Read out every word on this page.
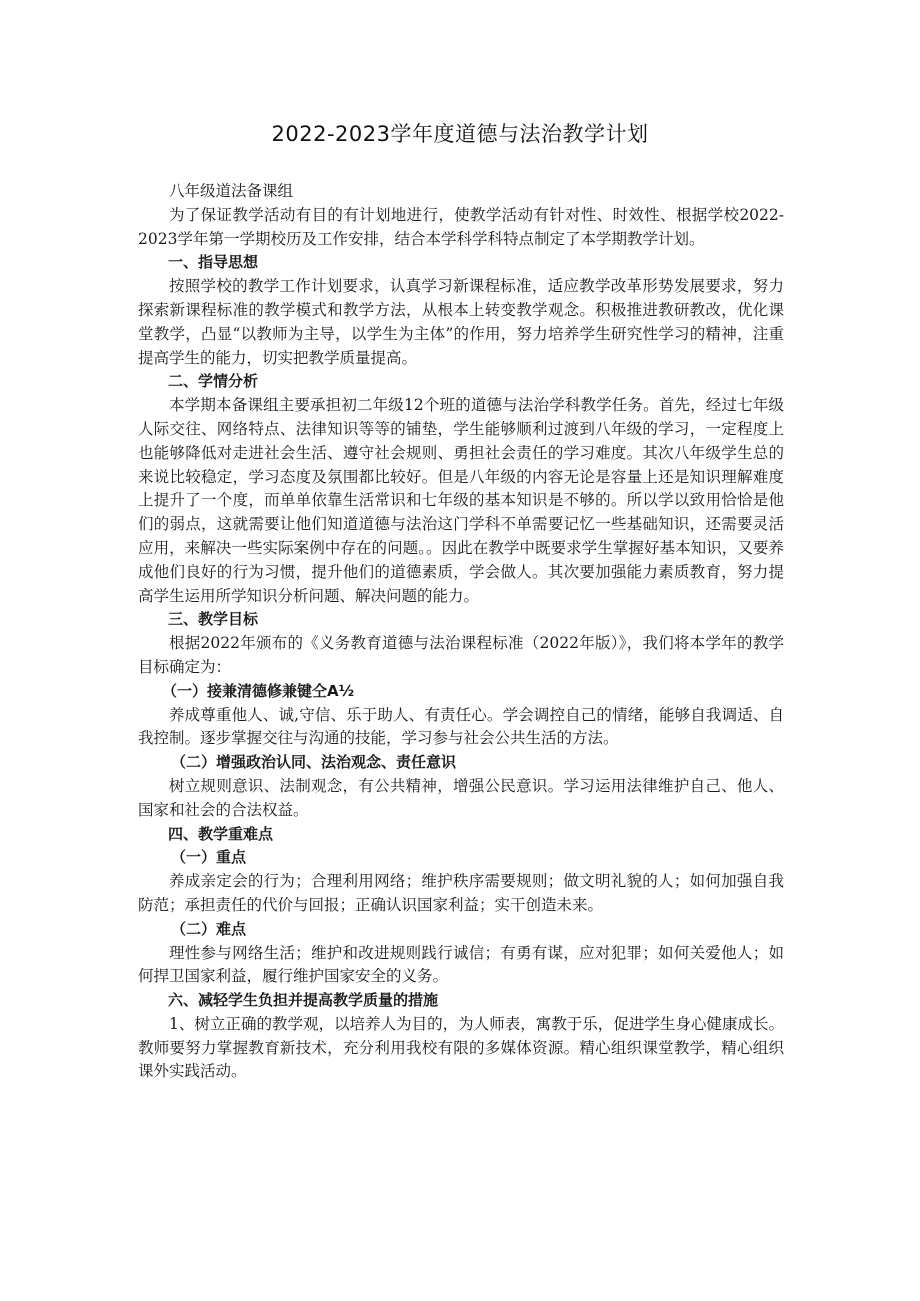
2022-2023学年度道德与法治教学计划

八年级道法备课组

为了保证教学活动有目的有计划地进行，使教学活动有针对性、时效性、根据学校2022-2023学年第一学期校历及工作安排，结合本学科学科特点制定了本学期教学计划。

一、指导思想

按照学校的教学工作计划要求，认真学习新课程标准，适应教学改革形势发展要求，努力探索新课程标准的教学模式和教学方法，从根本上转变教学观念。积极推进教研教改，优化课堂教学，凸显“以教师为主导，以学生为主体”的作用，努力培养学生研究性学习的精神，注重提高学生的能力，切实把教学质量提高。

二、学情分析

本学期本备课组主要承担初二年级12个班的道德与法治学科教学任务。首先，经过七年级人际交往、网络特点、法律知识等等的铺垫，学生能够顺利过渡到八年级的学习，一定程度上也能够降低对走进社会生活、遵守社会规则、勇担社会责任的学习难度。其次八年级学生总的来说比较稳定，学习态度及氛围都比较好。但是八年级的内容无论是容量上还是知识理解难度上提升了一个度，而单单依靠生活常识和七年级的基本知识是不够的。所以学以致用恰恰是他们的弱点，这就需要让他们知道道德与法治这门学科不单需要记忆一些基础知识，还需要灵活应用，来解决一些实际案例中存在的问题。。因此在教学中既要求学生掌握好基本知识，又要养成他们良好的行为习惯，提升他们的道德素质，学会做人。其次要加强能力素质教育，努力提高学生运用所学知识分析问题、解决问题的能力。

三、教学目标

根据2022年颁布的《义务教育道德与法治课程标准（2022年版）》，我们将本学年的教学目标确定为：

（一）接兼清德修兼键仝A½

养成尊重他人、诚,守信、乐于助人、有责任心。学会调控自己的情绪，能够自我调适、自我控制。逐步掌握交往与沟通的技能，学习参与社会公共生活的方法。

（二）增强政治认同、法治观念、责任意识

树立规则意识、法制观念，有公共精神，增强公民意识。学习运用法律维护自己、他人、国家和社会的合法权益。

四、教学重难点

（一）重点

养成亲定会的行为；合理利用网络；维护秩序需要规则；做文明礼貌的人；如何加强自我防范；承担责任的代价与回报；正确认识国家利益；实干创造未来。

（二）难点

理性参与网络生活；维护和改进规则践行诚信；有勇有谋，应对犯罪；如何关爱他人；如何捍卫国家利益，履行维护国家安全的义务。

六、减轻学生负担并提高教学质量的措施

1、树立正确的教学观，以培养人为目的，为人师表，寓教于乐，促进学生身心健康成长。教师要努力掌握教育新技术，充分利用我校有限的多媒体资源。精心组织课堂教学，精心组织课外实践活动。
